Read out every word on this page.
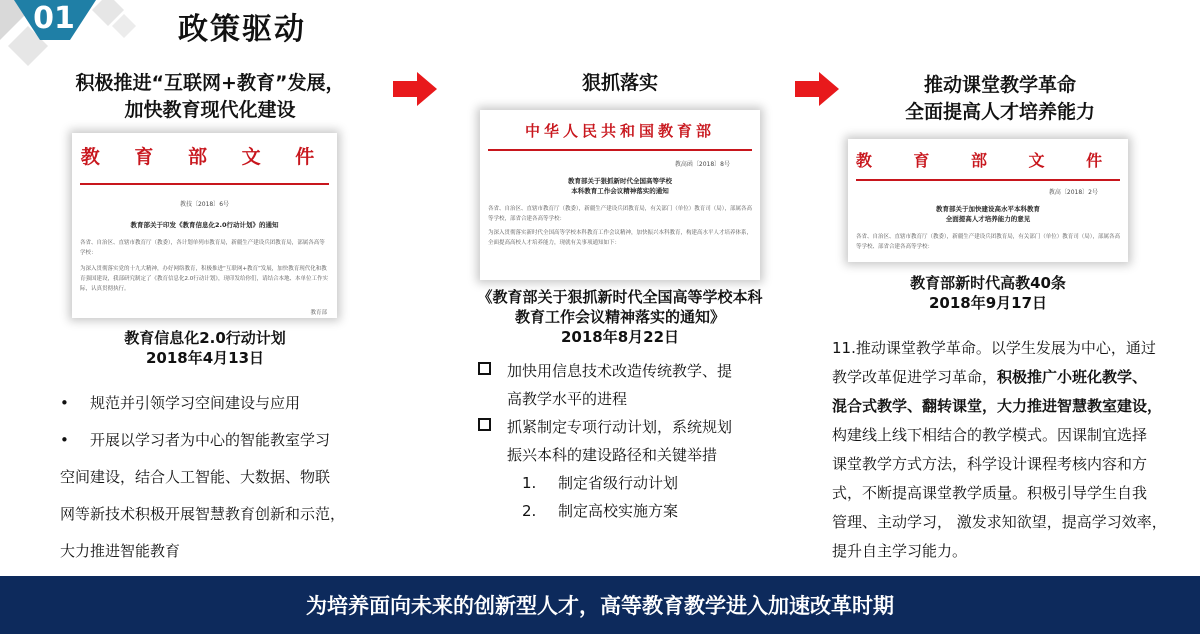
01	政策驱动
积极推进“互联网+教育”发展，
加快教育现代化建设
教 育 部 文 件
教技〔2018〕6号
教育部关于印发《教育信息化2.0行动计划》的通知
各省、自治区、直辖市教育厅（教委），各计划单列市教育局，新疆生产建设兵团教育局，部属各高等学校：
为深入贯彻落实党的十九大精神，办好网络教育，积极推进“互联网+教育”发展，加快教育现代化和教育强国建设，我部研究制定了《教育信息化2.0行动计划》，现印发给你们，请结合本地、本单位工作实际，认真贯彻执行。
教育部
教育信息化2.0行动计划
2018年4月13日
• 规范并引领学习空间建设与应用
• 开展以学习者为中心的智能教室学习
空间建设，结合人工智能、大数据、物联
网等新技术积极开展智慧教育创新和示范，
大力推进智能教育
狠抓落实
中华人民共和国教育部
教高函〔2018〕8号
教育部关于狠抓新时代全国高等学校
本科教育工作会议精神落实的通知
各省、自治区、直辖市教育厅（教委），新疆生产建设兵团教育局，有关部门（单位）教育司（局），部属各高等学校，部省合建各高等学校：
为深入贯彻落实新时代全国高等学校本科教育工作会议精神，加快振兴本科教育，构建高水平人才培养体系，全面提高高校人才培养能力，现就有关事项通知如下：
《教育部关于狠抓新时代全国高等学校本科
教育工作会议精神落实的通知》
2018年8月22日
加快用信息技术改造传统教学、提
高教学水平的进程
抓紧制定专项行动计划，系统规划
振兴本科的建设路径和关键举措
1. 制定省级行动计划
2. 制定高校实施方案
推动课堂教学革命
全面提高人才培养能力
教 育 部 文 件
教高〔2018〕2号
教育部关于加快建设高水平本科教育
全面提高人才培养能力的意见
各省、自治区、直辖市教育厅（教委），新疆生产建设兵团教育局，有关部门（单位）教育司（局），部属各高等学校、部省合建各高等学校：
教育部新时代高教40条
2018年9月17日
11.推动课堂教学革命。以学生发展为中心，通过
教学改革促进学习革命，积极推广小班化教学、
混合式教学、翻转课堂，大力推进智慧教室建设，
构建线上线下相结合的教学模式。因课制宜选择
课堂教学方式方法，科学设计课程考核内容和方
式，不断提高课堂教学质量。积极引导学生自我
管理、主动学习， 激发求知欲望，提高学习效率，
提升自主学习能力。
为培养面向未来的创新型人才，高等教育教学进入加速改革时期
